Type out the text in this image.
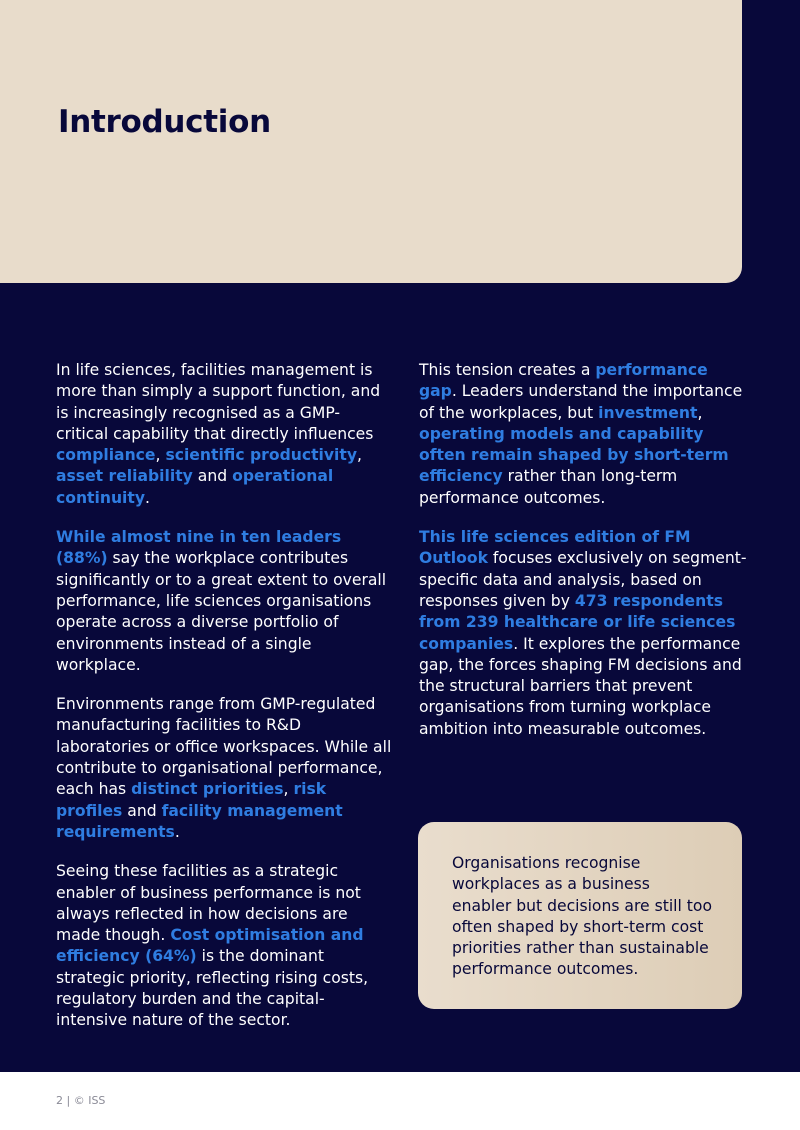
Introduction

In life sciences, facilities management is more than simply a support function, and is increasingly recognised as a GMP-critical capability that directly influences compliance, scientific productivity, asset reliability and operational continuity.

While almost nine in ten leaders (88%) say the workplace contributes significantly or to a great extent to overall performance, life sciences organisations operate across a diverse portfolio of environments instead of a single workplace.

Environments range from GMP-regulated manufacturing facilities to R&D laboratories or office workspaces. While all contribute to organisational performance, each has distinct priorities, risk profiles and facility management requirements.

Seeing these facilities as a strategic enabler of business performance is not always reflected in how decisions are made though. Cost optimisation and efficiency (64%) is the dominant strategic priority, reflecting rising costs, regulatory burden and the capital-intensive nature of the sector.

This tension creates a performance gap. Leaders understand the importance of the workplaces, but investment, operating models and capability often remain shaped by short-term efficiency rather than long-term performance outcomes.

This life sciences edition of FM Outlook focuses exclusively on segment-specific data and analysis, based on responses given by 473 respondents from 239 healthcare or life sciences companies. It explores the performance gap, the forces shaping FM decisions and the structural barriers that prevent organisations from turning workplace ambition into measurable outcomes.

Organisations recognise workplaces as a business enabler but decisions are still too often shaped by short-term cost priorities rather than sustainable performance outcomes.
2 | © ISS
